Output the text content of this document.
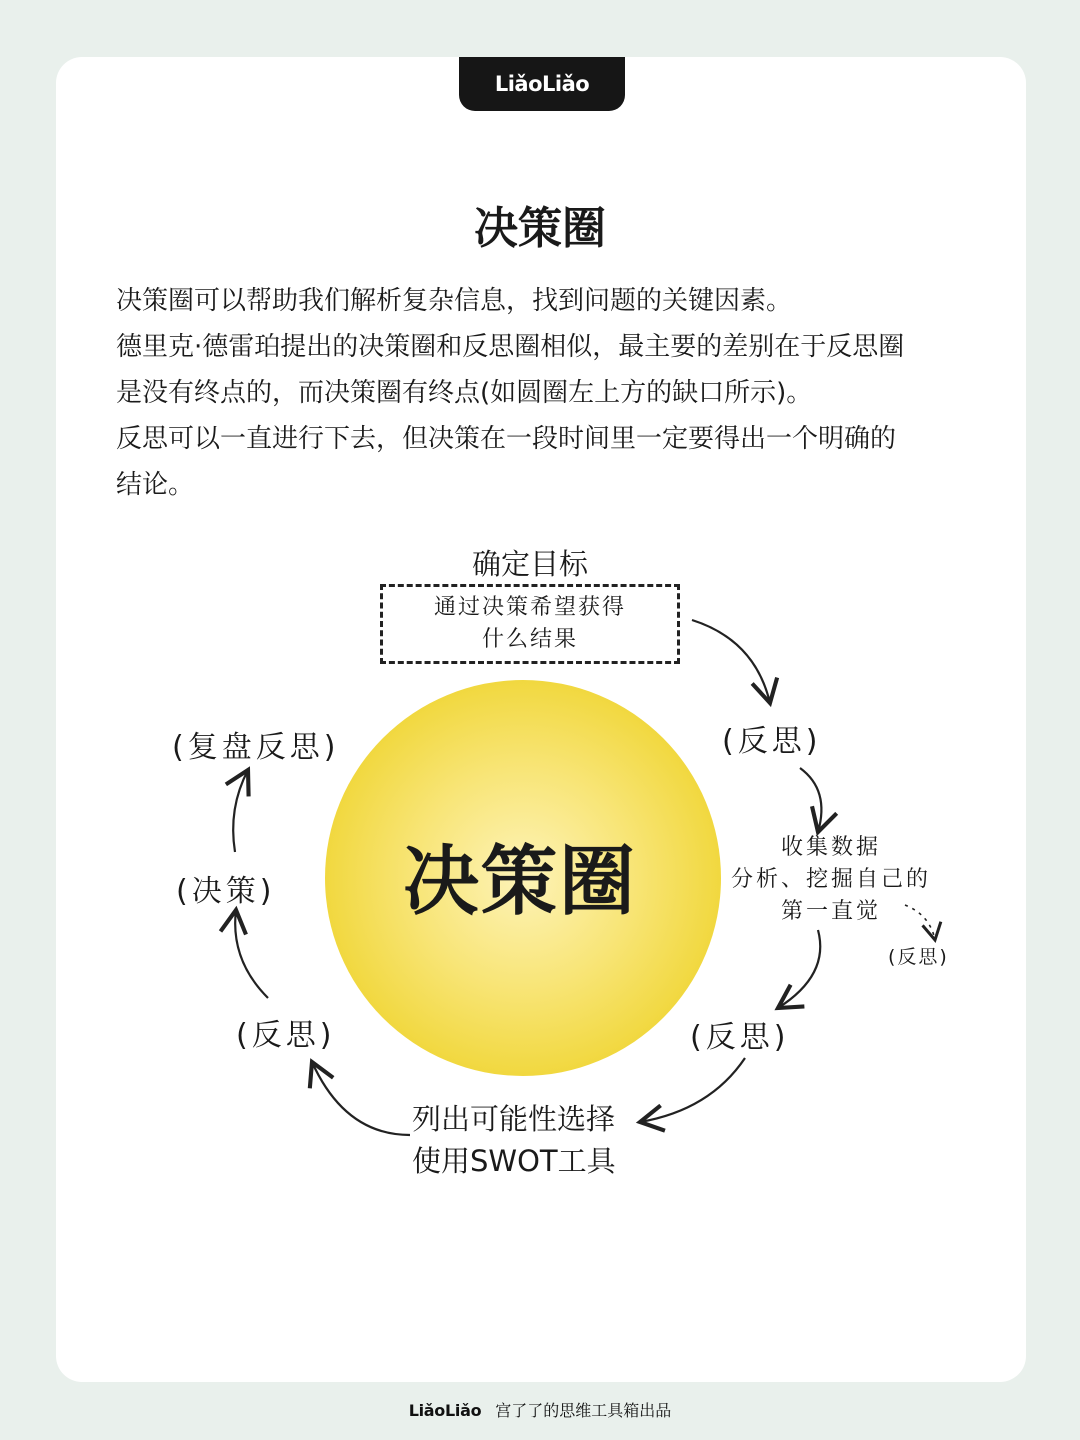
LiǎoLiǎo
决策圈

决策圈可以帮助我们解析复杂信息，找到问题的关键因素。

德里克·德雷珀提出的决策圈和反思圈相似，最主要的差别在于反思圈

是没有终点的，而决策圈有终点(如圆圈左上方的缺口所示)。

反思可以一直进行下去，但决策在一段时间里一定要得出一个明确的

结论。

决策圈
确定目标
通过决策希望获得
什么结果
(反思)
收集数据
分析、挖掘自己的
第一直觉
(反思)
(反思)
列出可能性选择
使用SWOT工具
(反思)
(决策)
(复盘反思)
LiǎoLiǎo 宫了了的思维工具箱出品
